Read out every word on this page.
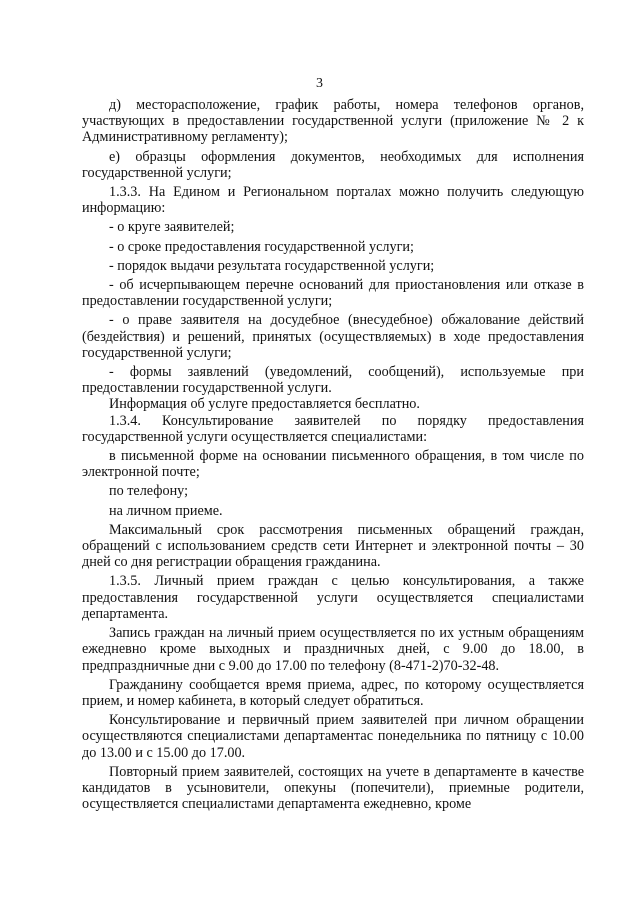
3

д) месторасположение, график работы, номера телефонов органов, участвующих в предоставлении государственной услуги (приложение № 2 к Административному регламенту);

е) образцы оформления документов, необходимых для исполнения государственной услуги;

1.3.3. На Едином и Региональном порталах можно получить следующую информацию:

- о круге заявителей;

- о сроке предоставления государственной услуги;

- порядок выдачи результата государственной услуги;

- об исчерпывающем перечне оснований для приостановления или отказе в предоставлении государственной услуги;

- о праве заявителя на досудебное (внесудебное) обжалование действий (бездействия) и решений, принятых (осуществляемых) в ходе предоставления государственной услуги;

- формы заявлений (уведомлений, сообщений), используемые при предоставлении государственной услуги.

Информация об услуге предоставляется бесплатно.

1.3.4. Консультирование заявителей по порядку предоставления государственной услуги осуществляется специалистами:

в письменной форме на основании письменного обращения, в том числе по электронной почте;

по телефону;

на личном приеме.

Максимальный срок рассмотрения письменных обращений граждан, обращений с использованием средств сети Интернет и электронной почты – 30 дней со дня регистрации обращения гражданина.

1.3.5. Личный прием граждан с целью консультирования, а также предоставления государственной услуги осуществляется специалистами департамента.

Запись граждан на личный прием осуществляется по их устным обращениям ежедневно кроме выходных и праздничных дней, с 9.00 до 18.00, в предпраздничные дни с 9.00 до 17.00 по телефону (8-471-2)70-32-48.

Гражданину сообщается время приема, адрес, по которому осуществляется прием, и номер кабинета, в который следует обратиться.

Консультирование и первичный прием заявителей при личном обращении осуществляются специалистами департаментас понедельника по пятницу с 10.00 до 13.00 и с 15.00 до 17.00.

Повторный прием заявителей, состоящих на учете в департаменте в качестве кандидатов в усыновители, опекуны (попечители), приемные родители, осуществляется специалистами департамента ежедневно, кроме
